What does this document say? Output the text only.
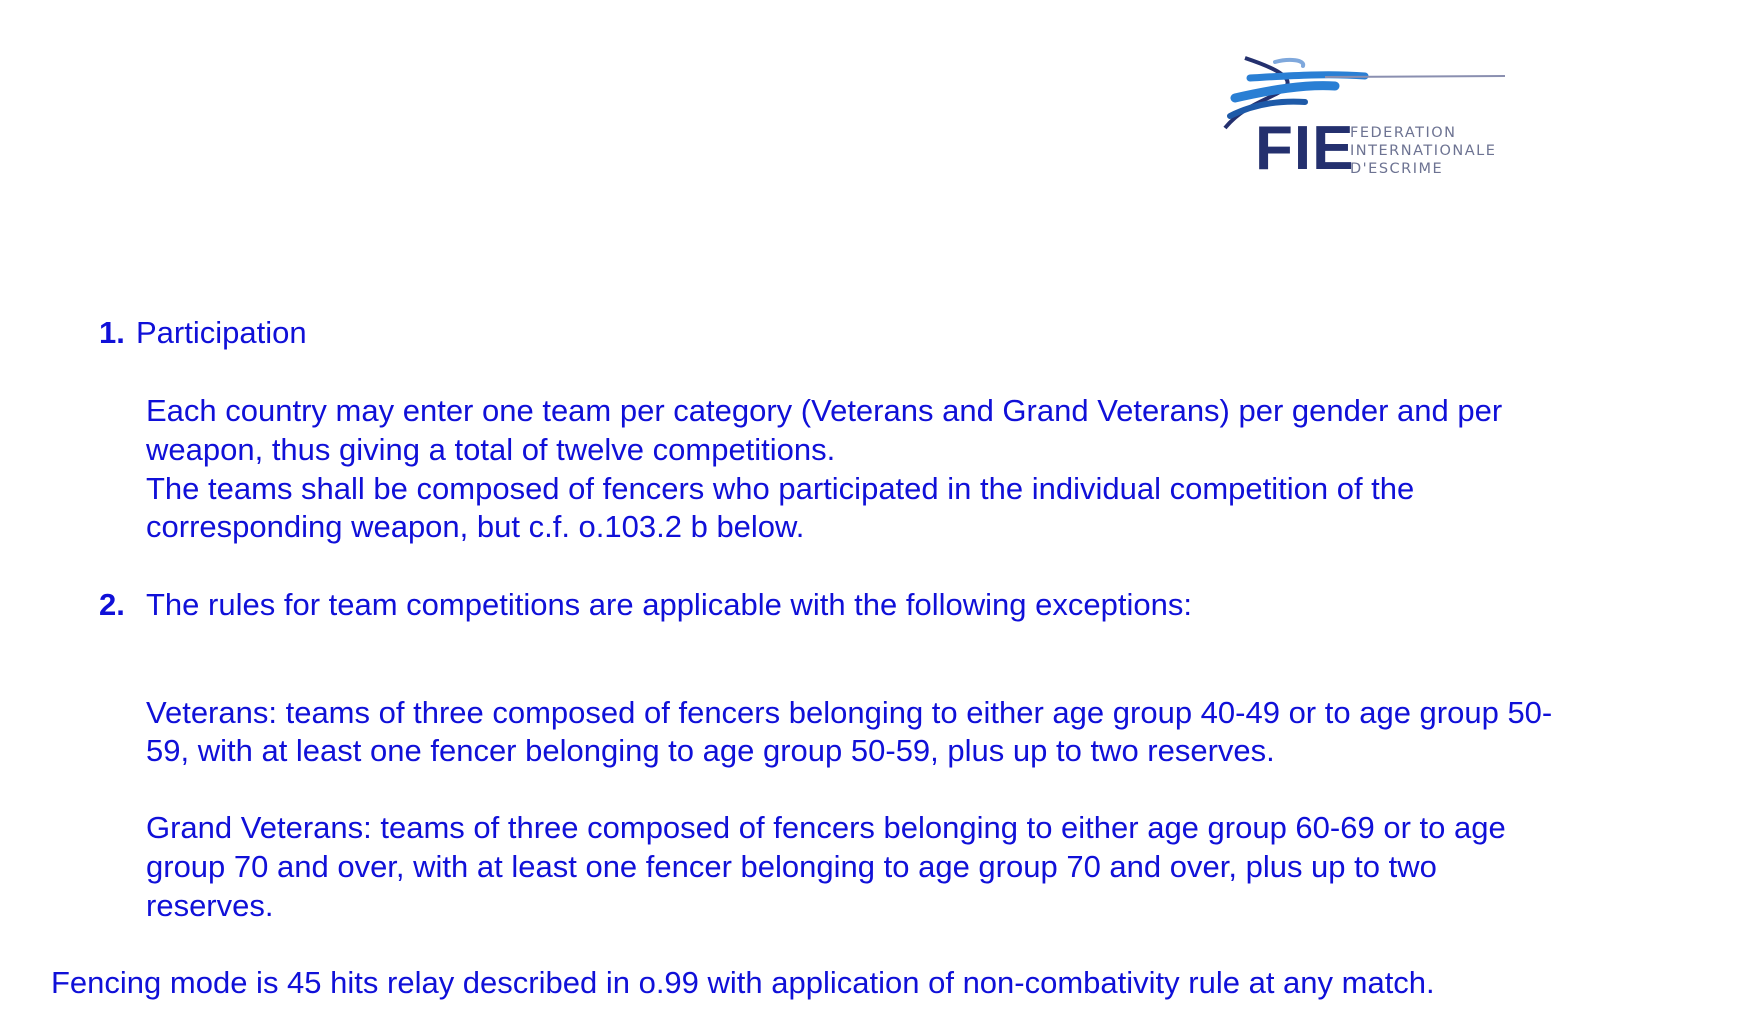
FIE
FEDERATION
INTERNATIONALE
D'ESCRIME
1. Participation
Each country may enter one team per category (Veterans and Grand Veterans) per gender and per
weapon, thus giving a total of twelve competitions.
The teams shall be composed of fencers who participated in the individual competition of the
corresponding weapon, but c.f. o.103.2 b below.
2. The rules for team competitions are applicable with the following exceptions:
Veterans: teams of three composed of fencers belonging to either age group 40-49 or to age group 50-
59, with at least one fencer belonging to age group 50-59, plus up to two reserves.
Grand Veterans: teams of three composed of fencers belonging to either age group 60-69 or to age
group 70 and over, with at least one fencer belonging to age group 70 and over, plus up to two
reserves.
Fencing mode is 45 hits relay described in o.99 with application of non-combativity rule at any match.
